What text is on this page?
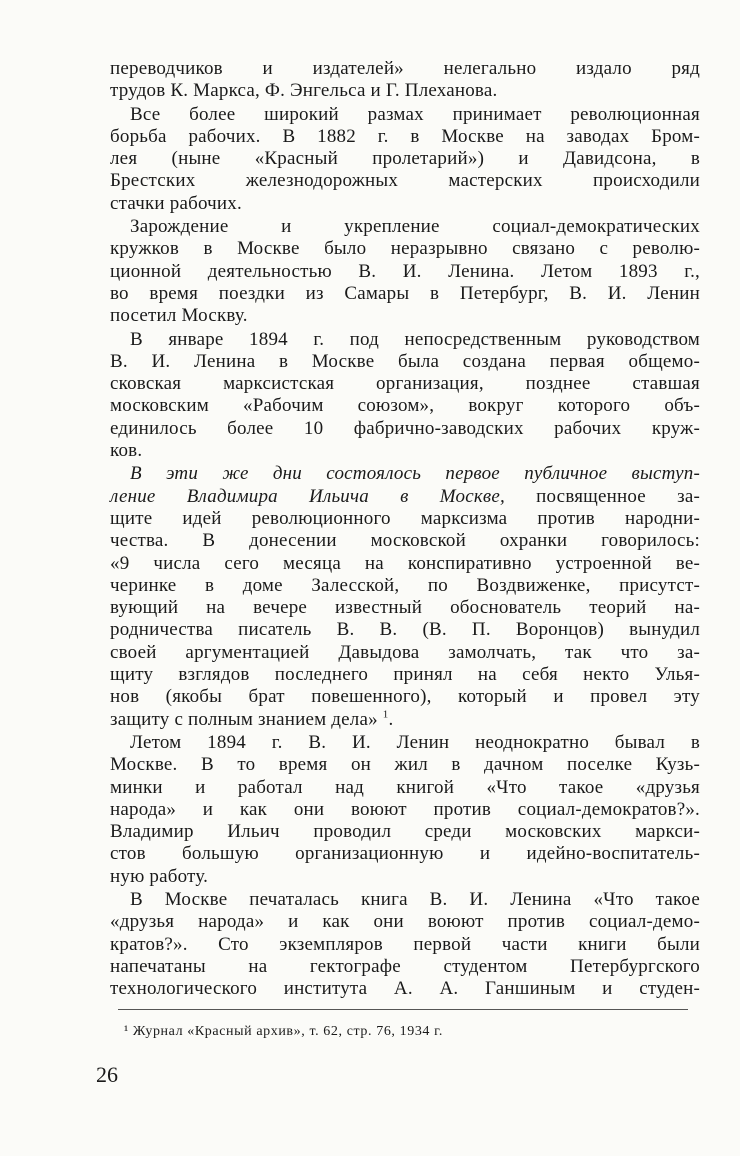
переводчиков и издателей» нелегально издало ряд
трудов К. Маркса, Ф. Энгельса и Г. Плеханова.
Все более широкий размах принимает революционная
борьба рабочих. В 1882 г. в Москве на заводах Бром-
лея (ныне «Красный пролетарий») и Давидсона, в
Брестских железнодорожных мастерских происходили
стачки рабочих.
Зарождение и укрепление социал-демократических
кружков в Москве было неразрывно связано с револю-
ционной деятельностью В. И. Ленина. Летом 1893 г.,
во время поездки из Самары в Петербург, В. И. Ленин
посетил Москву.
В январе 1894 г. под непосредственным руководством
В. И. Ленина в Москве была создана первая общемо-
сковская марксистская организация, позднее ставшая
московским «Рабочим союзом», вокруг которого объ-
единилось более 10 фабрично-заводских рабочих круж-
ков.
В эти же дни состоялось первое публичное выступ-
ление Владимира Ильича в Москве, посвященное за-
щите идей революционного марксизма против народни-
чества. В донесении московской охранки говорилось:
«9 числа сего месяца на конспиративно устроенной ве-
черинке в доме Залесской, по Воздвиженке, присутст-
вующий на вечере известный обоснователь теорий на-
родничества писатель В. В. (В. П. Воронцов) вынудил
своей аргументацией Давыдова замолчать, так что за-
щиту взглядов последнего принял на себя некто Улья-
нов (якобы брат повешенного), который и провел эту
защиту с полным знанием дела» $^1$.
Летом 1894 г. В. И. Ленин неоднократно бывал в
Москве. В то время он жил в дачном поселке Кузь-
минки и работал над книгой «Что такое «друзья
народа» и как они воюют против социал-демократов?».
Владимир Ильич проводил среди московских маркси-
стов большую организационную и идейно-воспитатель-
ную работу.
В Москве печаталась книга В. И. Ленина «Что такое
«друзья народа» и как они воюют против социал-демо-
кратов?». Сто экземпляров первой части книги были
напечатаны на гектографе студентом Петербургского
технологического института А. А. Ганшиным и студен-
¹ Журнал «Красный архив», т. 62, стр. 76, 1934 г.
26
